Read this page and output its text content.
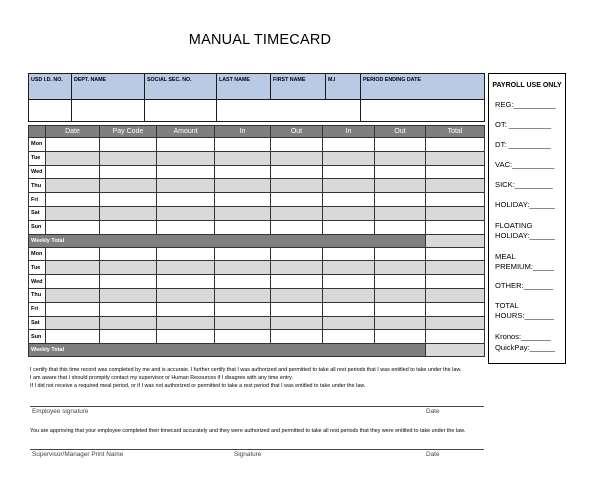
MANUAL TIMECARD
USD I.D. NO.	DEPT. NAME	SOCIAL SEC. NO.	LAST NAME	FIRST NAME	M.I	PERIOD ENDING DATE

	Date	Pay Code	Amount	In	Out	In	Out	Total
Mon								
Tue								
Wed								
Thu								
Fri								
Sat								
Sun								
Weekly Total								
Mon								
Tue								
Wed								
Thu								
Fri								
Sat								
Sun								
Weekly Total								
PAYROLL USE ONLY
REG:__________
OT: __________
DT: __________
VAC:__________
SICK:_________
HOLIDAY:______
FLOATING
HOLIDAY:______
MEAL
PREMIUM:_____
OTHER:_______
TOTAL
HOURS:_______
Kronos:_______
QuickPay:______
I certify that this time record was completed by me and is accurate. I further certify that I was authorized and permitted to take all rest periods that I was entitled to take under the law.
I am aware that I should promptly contact my supervisor or Human Resources if I disagree with any time entry.
If I did not receive a required meal period, or if I was not authorized or permitted to take a rest period that I was entitled to take under the law.
Employee signature	Date
You are approving that your employee completed their timecard accurately and they were authorized and permitted to take all rest periods that they were entitled to take under the law.
Supervisor/Manager Print Name	Signature	Date
